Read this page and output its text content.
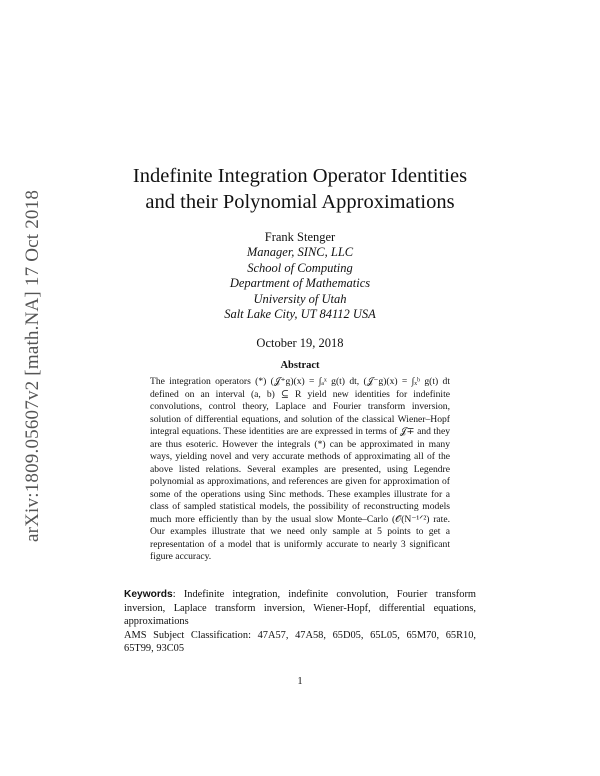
arXiv:1809.05607v2 [math.NA] 17 Oct 2018
Indefinite Integration Operator Identities
and their Polynomial Approximations
Frank Stenger
Manager, SINC, LLC
School of Computing
Department of Mathematics
University of Utah
Salt Lake City, UT 84112 USA
October 19, 2018
Abstract

The integration operators (*) (𝒥⁺g)(x) = ∫ₐˣ g(t) dt, (𝒥⁻g)(x) = ∫ₓᵇ g(t) dt defined on an interval (a, b) ⊆ R yield new identities for indefinite convolutions, control theory, Laplace and Fourier transform inversion, solution of differential equations, and solution of the classical Wiener–Hopf integral equations. These identities are are expressed in terms of 𝒥∓ and they are thus esoteric. However the integrals (*) can be approximated in many ways, yielding novel and very accurate methods of approximating all of the above listed relations. Several examples are presented, using Legendre polynomial as approximations, and references are given for approximation of some of the operations using Sinc methods. These examples illustrate for a class of sampled statistical models, the possibility of reconstructing models much more efficiently than by the usual slow Monte–Carlo (𝒪(N⁻¹ᐟ²) rate. Our examples illustrate that we need only sample at 5 points to get a representation of a model that is uniformly accurate to nearly 3 significant figure accuracy.

Keywords: Indefinite integration, indefinite convolution, Fourier transform inversion, Laplace transform inversion, Wiener-Hopf, differential equations, approximations

AMS Subject Classification: 47A57, 47A58, 65D05, 65L05, 65M70, 65R10, 65T99, 93C05

1
